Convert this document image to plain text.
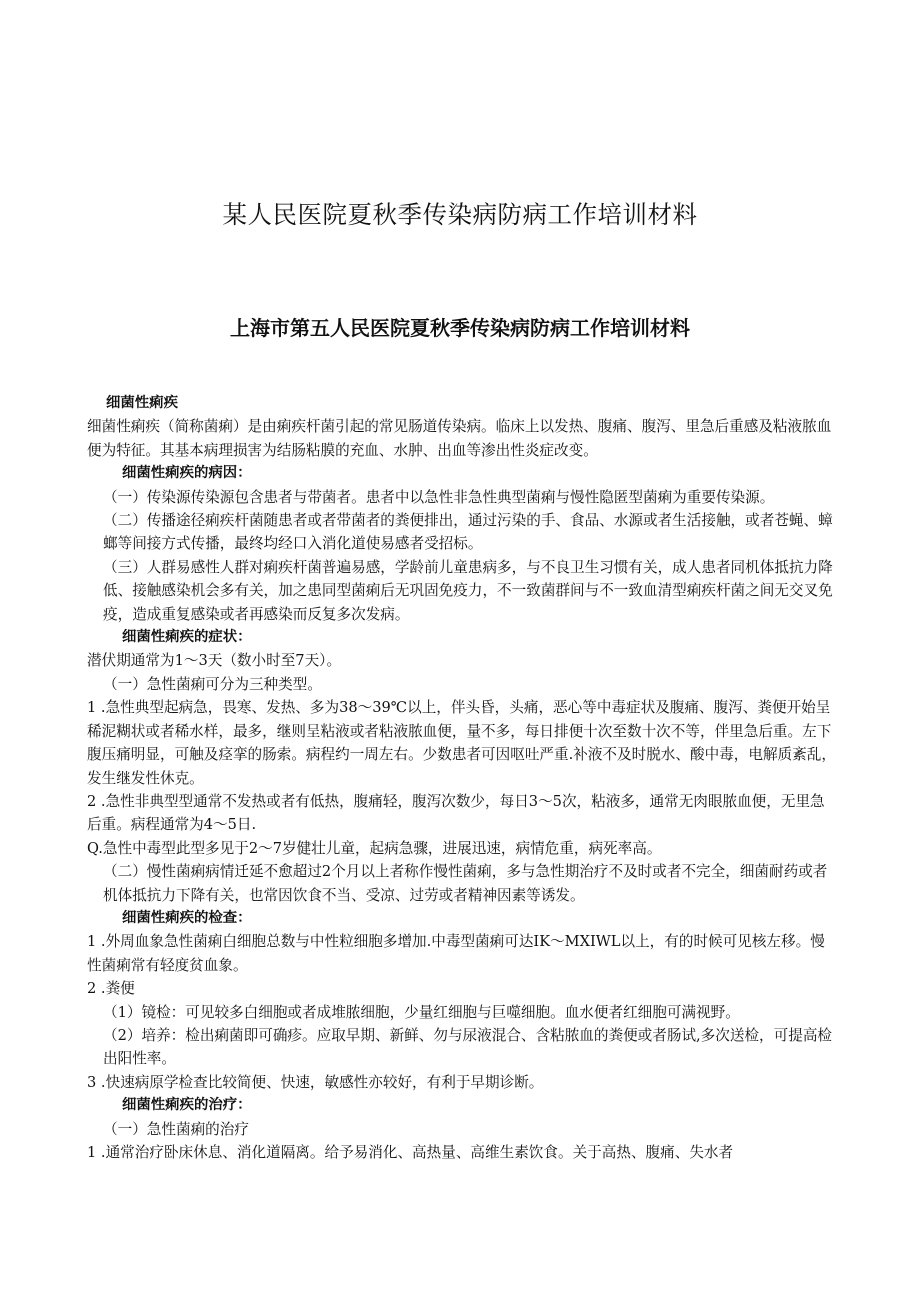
某人民医院夏秋季传染病防病工作培训材料
上海市第五人民医院夏秋季传染病防病工作培训材料

细菌性痢疾

细菌性痢疾（简称菌痢）是由痢疾杆菌引起的常见肠道传染病。临床上以发热、腹痛、腹泻、里急后重感及粘液脓血便为特征。其基本病理损害为结肠粘膜的充血、水肿、出血等渗出性炎症改变。

细菌性痢疾的病因：

（一）传染源传染源包含患者与带菌者。患者中以急性非急性典型菌痢与慢性隐匿型菌痢为重要传染源。

（二）传播途径痢疾杆菌随患者或者带菌者的粪便排出，通过污染的手、食品、水源或者生活接触，或者苍蝇、蟑螂等间接方式传播，最终均经口入消化道使易感者受招标。

（三）人群易感性人群对痢疾杆菌普遍易感，学龄前儿童患病多，与不良卫生习惯有关，成人患者同机体抵抗力降低、接触感染机会多有关，加之患同型菌痢后无巩固免疫力，不一致菌群间与不一致血清型痢疾杆菌之间无交叉免疫，造成重复感染或者再感染而反复多次发病。

细菌性痢疾的症状：

潜伏期通常为1～3天（数小时至7天）。

（一）急性菌痢可分为三种类型。

1 .急性典型起病急，畏寒、发热、多为38～39℃以上，伴头昏，头痛，恶心等中毒症状及腹痛、腹泻、粪便开始呈稀泥糊状或者稀水样，最多，继则呈粘液或者粘液脓血便，量不多，每日排便十次至数十次不等，伴里急后重。左下腹压痛明显，可触及痉挛的肠索。病程约一周左右。少数患者可因呕吐严重.补液不及时脱水、酸中毒，电解质紊乱，发生继发性休克。

2 .急性非典型型通常不发热或者有低热，腹痛轻，腹泻次数少，每日3～5次，粘液多，通常无肉眼脓血便，无里急后重。病程通常为4～5日.

Q.急性中毒型此型多见于2～7岁健壮儿童，起病急骤，进展迅速，病情危重，病死率高。

（二）慢性菌痢病情迁延不愈超过2个月以上者称作慢性菌痢，多与急性期治疗不及时或者不完全，细菌耐药或者机体抵抗力下降有关，也常因饮食不当、受凉、过劳或者精神因素等诱发。

细菌性痢疾的检查：

1 .外周血象急性菌痢白细胞总数与中性粒细胞多增加.中毒型菌痢可达IK～MXIWL以上，有的时候可见核左移。慢性菌痢常有轻度贫血象。

2 .粪便

（1）镜检：可见较多白细胞或者成堆脓细胞，少量红细胞与巨噬细胞。血水便者红细胞可满视野。

（2）培养：检出痢菌即可确疹。应取早期、新鲜、勿与尿液混合、含粘脓血的粪便或者肠试,多次送检，可提高检出阳性率。

3 .快速病原学检查比较简便、快速，敏感性亦较好，有利于早期诊断。

细菌性痢疾的治疗：

（一）急性菌痢的治疗

1 .通常治疗卧床休息、消化道隔离。给予易消化、高热量、高维生素饮食。关于高热、腹痛、失水者
